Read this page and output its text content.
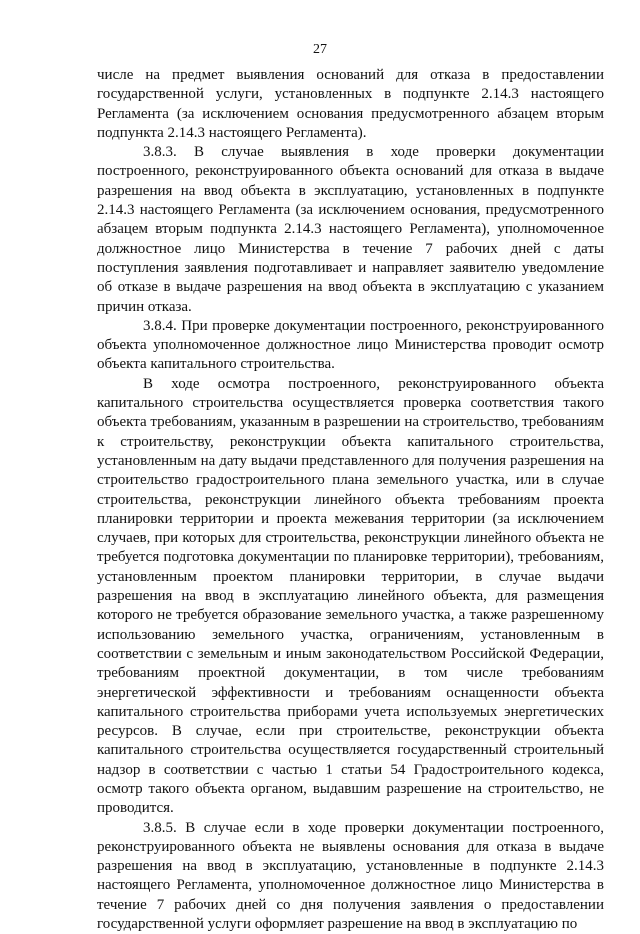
27

числе на предмет выявления оснований для отказа в предоставлении государственной услуги, установленных в подпункте 2.14.3 настоящего Регламента (за исключением основания предусмотренного абзацем вторым подпункта 2.14.3 настоящего Регламента).

3.8.3. В случае выявления в ходе проверки документации построенного, реконструированного объекта оснований для отказа в выдаче разрешения на ввод объекта в эксплуатацию, установленных в подпункте 2.14.3 настоящего Регламента (за исключением основания, предусмотренного абзацем вторым подпункта 2.14.3 настоящего Регламента), уполномоченное должностное лицо Министерства в течение 7 рабочих дней с даты поступления заявления подготавливает и направляет заявителю уведомление об отказе в выдаче разрешения на ввод объекта в эксплуатацию с указанием причин отказа.

3.8.4. При проверке документации построенного, реконструированного объекта уполномоченное должностное лицо Министерства проводит осмотр объекта капитального строительства.

В ходе осмотра построенного, реконструированного объекта капитального строительства осуществляется проверка соответствия такого объекта требованиям, указанным в разрешении на строительство, требованиям к строительству, реконструкции объекта капитального строительства, установленным на дату выдачи представленного для получения разрешения на строительство градостроительного плана земельного участка, или в случае строительства, реконструкции линейного объекта требованиям проекта планировки территории и проекта межевания территории (за исключением случаев, при которых для строительства, реконструкции линейного объекта не требуется подготовка документации по планировке территории), требованиям, установленным проектом планировки территории, в случае выдачи разрешения на ввод в эксплуатацию линейного объекта, для размещения которого не требуется образование земельного участка, а также разрешенному использованию земельного участка, ограничениям, установленным в соответствии с земельным и иным законодательством Российской Федерации, требованиям проектной документации, в том числе требованиям энергетической эффективности и требованиям оснащенности объекта капитального строительства приборами учета используемых энергетических ресурсов. В случае, если при строительстве, реконструкции объекта капитального строительства осуществляется государственный строительный надзор в соответствии с частью 1 статьи 54 Градостроительного кодекса, осмотр такого объекта органом, выдавшим разрешение на строительство, не проводится.

3.8.5. В случае если в ходе проверки документации построенного, реконструированного объекта не выявлены основания для отказа в выдаче разрешения на ввод в эксплуатацию, установленные в подпункте 2.14.3 настоящего Регламента, уполномоченное должностное лицо Министерства в течение 7 рабочих дней со дня получения заявления о предоставлении государственной услуги оформляет разрешение на ввод в эксплуатацию по
